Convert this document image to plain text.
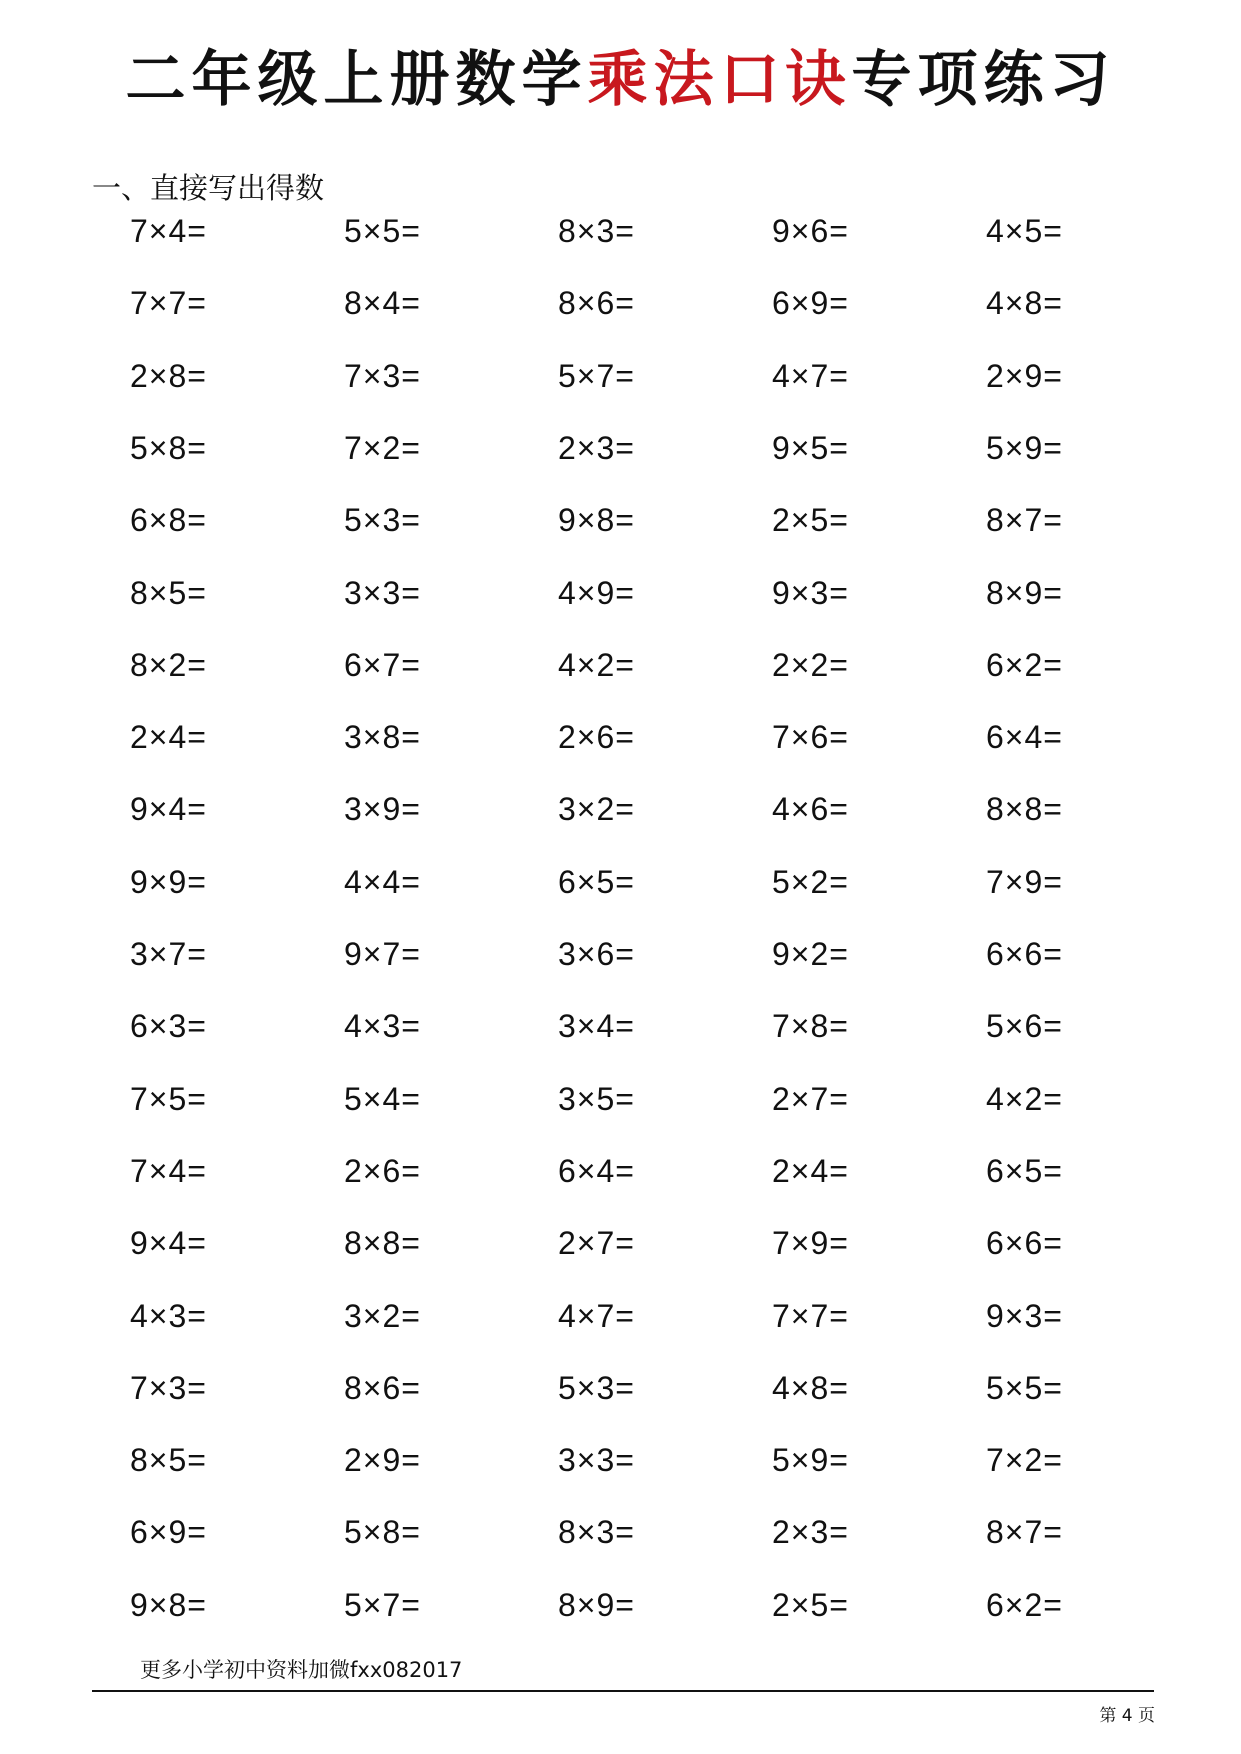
二年级上册数学乘法口诀专项练习
一、直接写出得数
7×4=	5×5=	8×3=	9×6=	4×5=
7×7=	8×4=	8×6=	6×9=	4×8=
2×8=	7×3=	5×7=	4×7=	2×9=
5×8=	7×2=	2×3=	9×5=	5×9=
6×8=	5×3=	9×8=	2×5=	8×7=
8×5=	3×3=	4×9=	9×3=	8×9=
8×2=	6×7=	4×2=	2×2=	6×2=
2×4=	3×8=	2×6=	7×6=	6×4=
9×4=	3×9=	3×2=	4×6=	8×8=
9×9=	4×4=	6×5=	5×2=	7×9=
3×7=	9×7=	3×6=	9×2=	6×6=
6×3=	4×3=	3×4=	7×8=	5×6=
7×5=	5×4=	3×5=	2×7=	4×2=
7×4=	2×6=	6×4=	2×4=	6×5=
9×4=	8×8=	2×7=	7×9=	6×6=
4×3=	3×2=	4×7=	7×7=	9×3=
7×3=	8×6=	5×3=	4×8=	5×5=
8×5=	2×9=	3×3=	5×9=	7×2=
6×9=	5×8=	8×3=	2×3=	8×7=
9×8=	5×7=	8×9=	2×5=	6×2=
更多小学初中资料加微fxx082017
第 4 页
